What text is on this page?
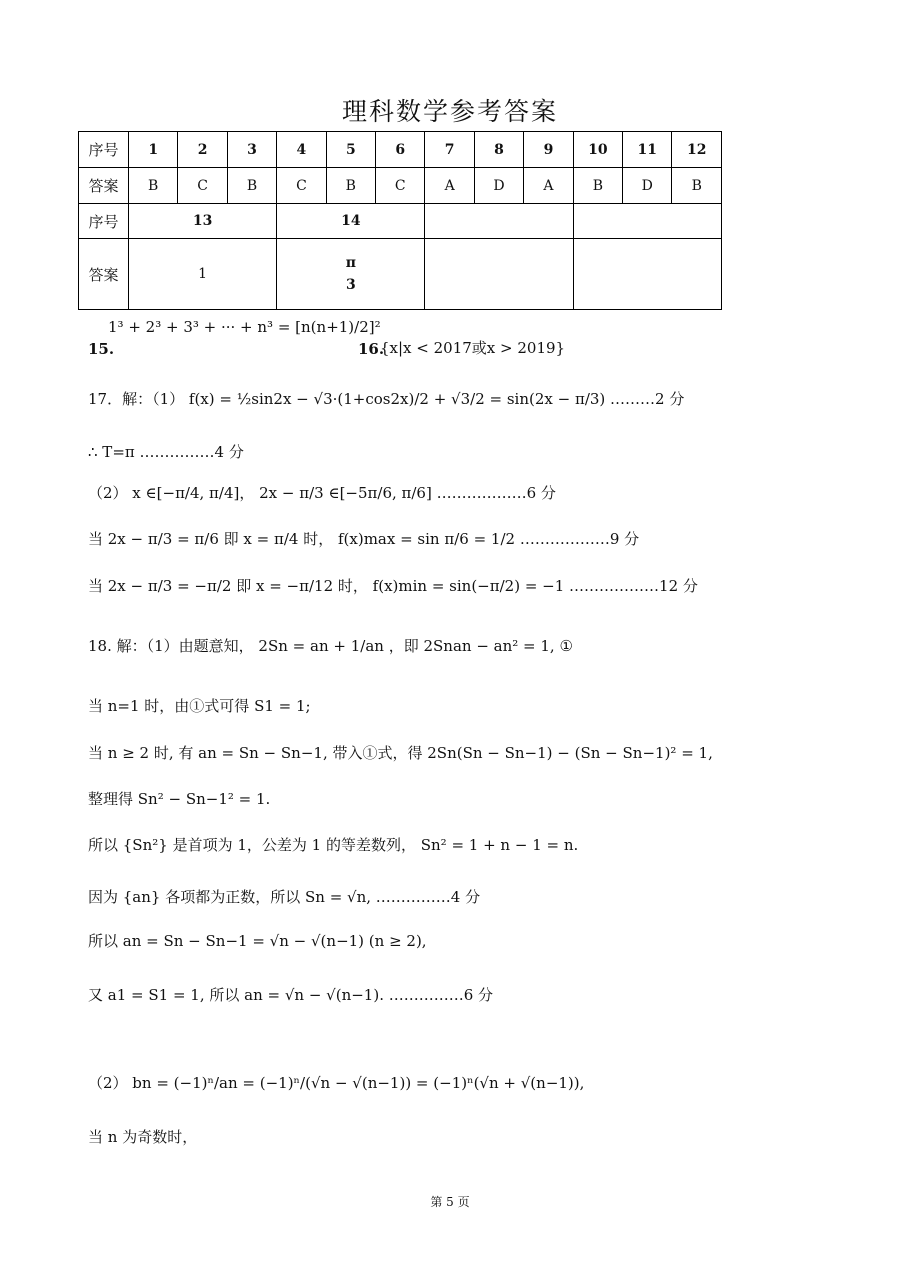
理科数学参考答案
序号	1	2	3	4	5	6	7	8	9	10	11	12
答案	B	C	B	C	B	C	A	D	A	B	D	B
序号	13			14								
答案	1			π
3								

15.
1³ + 2³ + 3³ + ··· + n³ = [n(n+1)/2]²
16.
{x|x < 2017或x > 2019}
17．解：（1） f(x) = ½sin2x − √3·(1+cos2x)/2 + √3/2 = sin(2x − π/3) ………2 分
∴ T=π ……………4 分
（2） x ∈[−π/4, π/4]， 2x − π/3 ∈[−5π/6, π/6] ………………6 分
当 2x − π/3 = π/6 即 x = π/4 时， f(x)max = sin π/6 = 1/2 ………………9 分
当 2x − π/3 = −π/2 即 x = −π/12 时， f(x)min = sin(−π/2) = −1 ………………12 分
18. 解：（1）由题意知， 2Sn = an + 1/an ，即 2Snan − an² = 1, ①
当 n=1 时，由①式可得 S1 = 1;
当 n ≥ 2 时, 有 an = Sn − Sn−1, 带入①式，得 2Sn(Sn − Sn−1) − (Sn − Sn−1)² = 1,
整理得 Sn² − Sn−1² = 1.
所以 {Sn²} 是首项为 1，公差为 1 的等差数列， Sn² = 1 + n − 1 = n.
因为 {an} 各项都为正数，所以 Sn = √n, ……………4 分
所以 an = Sn − Sn−1 = √n − √(n−1) (n ≥ 2),
又 a1 = S1 = 1, 所以 an = √n − √(n−1). ……………6 分
（2） bn = (−1)ⁿ/an = (−1)ⁿ/(√n − √(n−1)) = (−1)ⁿ(√n + √(n−1)),
当 n 为奇数时，
第 5 页
